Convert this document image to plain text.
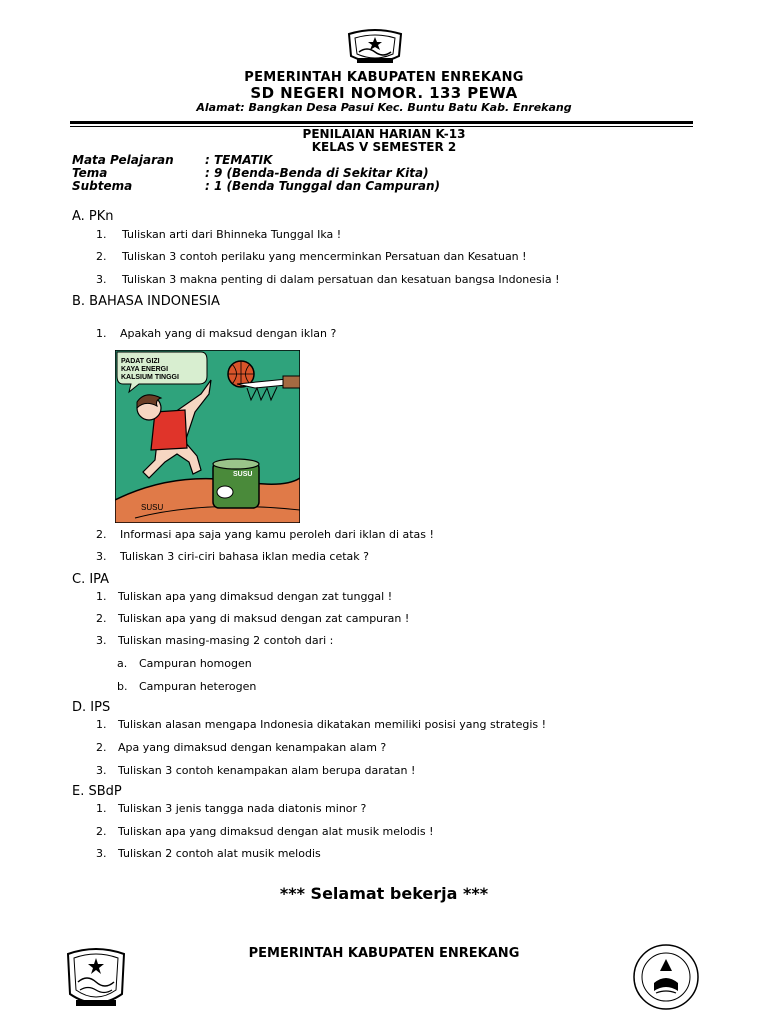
PEMERINTAH KABUPATEN ENREKANG
SD NEGERI NOMOR. 133 PEWA
Alamat: Bangkan Desa Pasui Kec. Buntu Batu Kab. Enrekang
PENILAIAN HARIAN K-13
KELAS V SEMESTER 2
Mata Pelajaran	: TEMATIK
Tema	: 9 (Benda-Benda di Sekitar Kita)
Subtema	: 1 (Benda Tunggal dan Campuran)
A. PKn
1. Tuliskan arti dari Bhinneka Tunggal Ika !
2. Tuliskan 3 contoh perilaku yang mencerminkan Persatuan dan Kesatuan !
3. Tuliskan 3 makna penting di dalam persatuan dan kesatuan bangsa Indonesia !
B. BAHASA INDONESIA
1. Apakah yang di maksud dengan iklan ?
PADAT GIZI
KAYA ENERGI
KALSIUM TINGGI
SUSU
SUSU
2. Informasi apa saja yang kamu peroleh dari iklan di atas !
3. Tuliskan 3 ciri-ciri bahasa iklan media cetak ?
C. IPA
1. Tuliskan apa yang dimaksud dengan zat tunggal !
2. Tuliskan apa yang di maksud dengan zat campuran !
3. Tuliskan masing-masing 2 contoh dari :
a. Campuran homogen
b. Campuran heterogen
D. IPS
1. Tuliskan alasan mengapa Indonesia dikatakan memiliki posisi yang strategis !
2. Apa yang dimaksud dengan kenampakan alam ?
3. Tuliskan 3 contoh kenampakan alam berupa daratan !
E. SBdP
1. Tuliskan 3 jenis tangga nada diatonis minor ?
2. Tuliskan apa yang dimaksud dengan alat musik melodis !
3. Tuliskan 2 contoh alat musik melodis
*** Selamat bekerja ***
PEMERINTAH KABUPATEN ENREKANG
